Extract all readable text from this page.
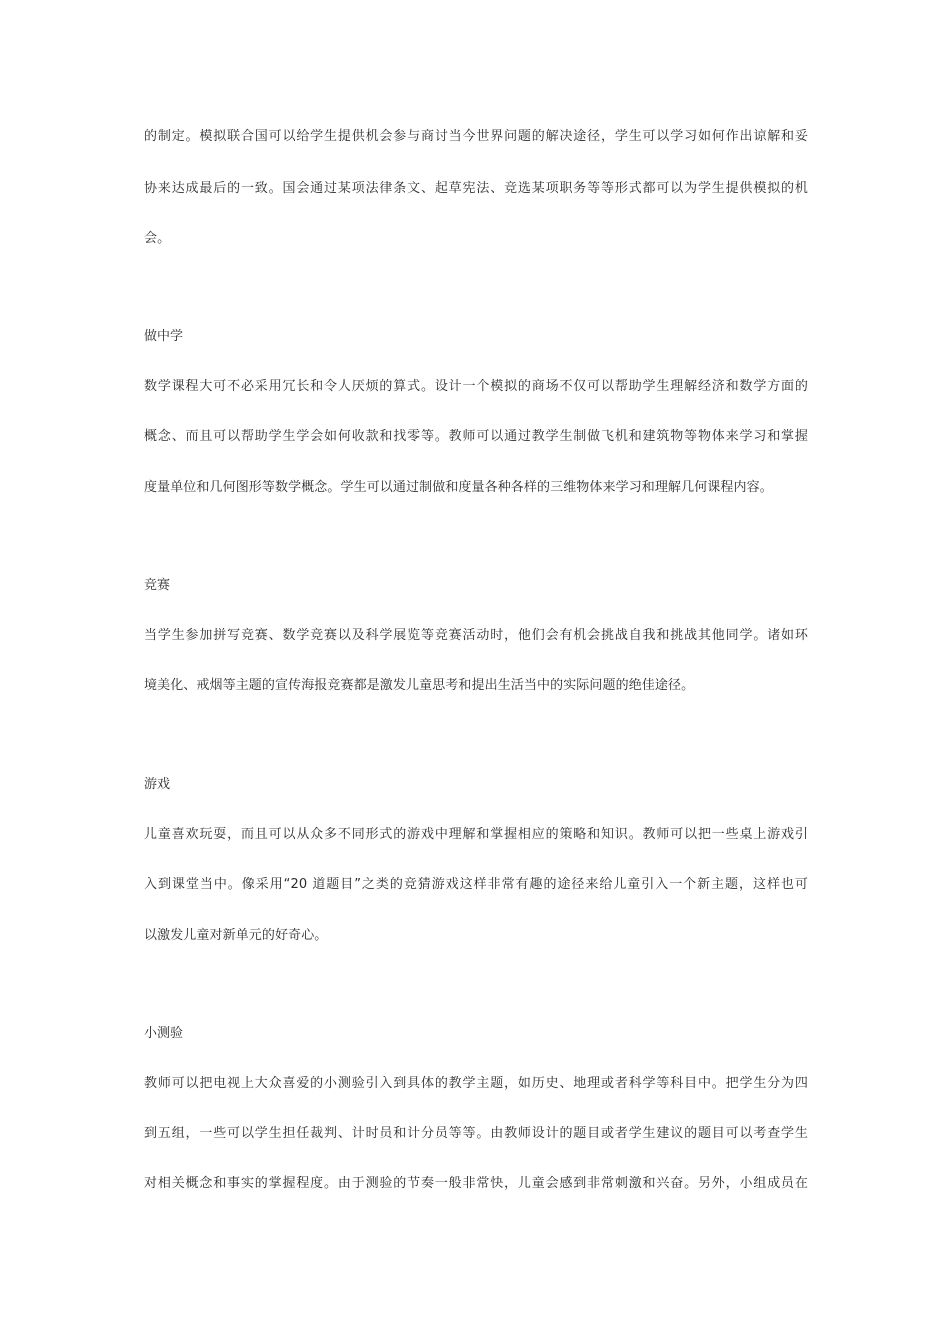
的制定。模拟联合国可以给学生提供机会参与商讨当今世界问题的解决途径，学生可以学习如何作出谅解和妥
协来达成最后的一致。国会通过某项法律条文、起草宪法、竞选某项职务等等形式都可以为学生提供模拟的机
会。
做中学
数学课程大可不必采用冗长和令人厌烦的算式。设计一个模拟的商场不仅可以帮助学生理解经济和数学方面的
概念、而且可以帮助学生学会如何收款和找零等。教师可以通过教学生制做飞机和建筑物等物体来学习和掌握
度量单位和几何图形等数学概念。学生可以通过制做和度量各种各样的三维物体来学习和理解几何课程内容。
竞赛
当学生参加拼写竞赛、数学竞赛以及科学展览等竞赛活动时，他们会有机会挑战自我和挑战其他同学。诸如环
境美化、戒烟等主题的宣传海报竞赛都是激发儿童思考和提出生活当中的实际问题的绝佳途径。
游戏
儿童喜欢玩耍，而且可以从众多不同形式的游戏中理解和掌握相应的策略和知识。教师可以把一些桌上游戏引
入到课堂当中。像采用“20 道题目”之类的竞猜游戏这样非常有趣的途径来给儿童引入一个新主题，这样也可
以激发儿童对新单元的好奇心。
小测验
教师可以把电视上大众喜爱的小测验引入到具体的教学主题，如历史、地理或者科学等科目中。把学生分为四
到五组，一些可以学生担任裁判、计时员和计分员等等。由教师设计的题目或者学生建议的题目可以考查学生
对相关概念和事实的掌握程度。由于测验的节奏一般非常快，儿童会感到非常刺激和兴奋。另外，小组成员在
